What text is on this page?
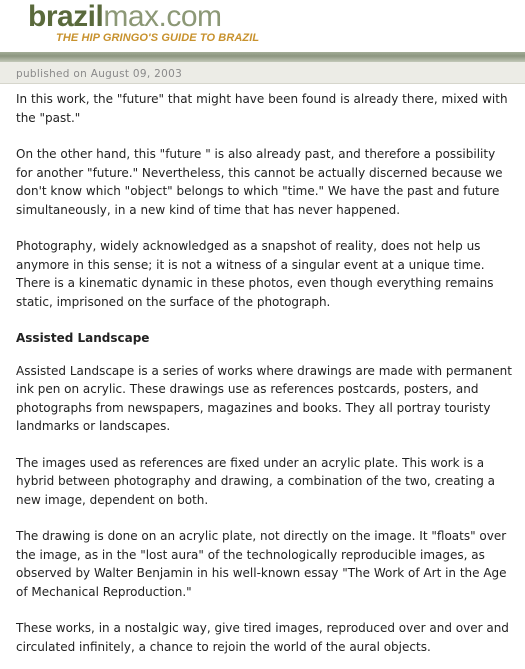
brazilmax.com
THE HIP GRINGO'S GUIDE TO BRAZIL
published on August 09, 2003

In this work, the "future" that might have been found is already there, mixed with the "past."

On the other hand, this "future " is also already past, and therefore a possibility for another "future." Nevertheless, this cannot be actually discerned because we don't know which "object" belongs to which "time." We have the past and future simultaneously, in a new kind of time that has never happened.

Photography, widely acknowledged as a snapshot of reality, does not help us anymore in this sense; it is not a witness of a singular event at a unique time. There is a kinematic dynamic in these photos, even though everything remains static, imprisoned on the surface of the photograph.

Assisted Landscape

Assisted Landscape is a series of works where drawings are made with permanent ink pen on acrylic. These drawings use as references postcards, posters, and photographs from newspapers, magazines and books. They all portray touristy landmarks or landscapes.

The images used as references are fixed under an acrylic plate. This work is a hybrid between photography and drawing, a combination of the two, creating a new image, dependent on both.

The drawing is done on an acrylic plate, not directly on the image. It "floats" over the image, as in the "lost aura" of the technologically reproducible images, as observed by Walter Benjamin in his well-known essay "The Work of Art in the Age of Mechanical Reproduction."

These works, in a nostalgic way, give tired images, reproduced over and over and circulated infinitely, a chance to rejoin the world of the aural objects.
